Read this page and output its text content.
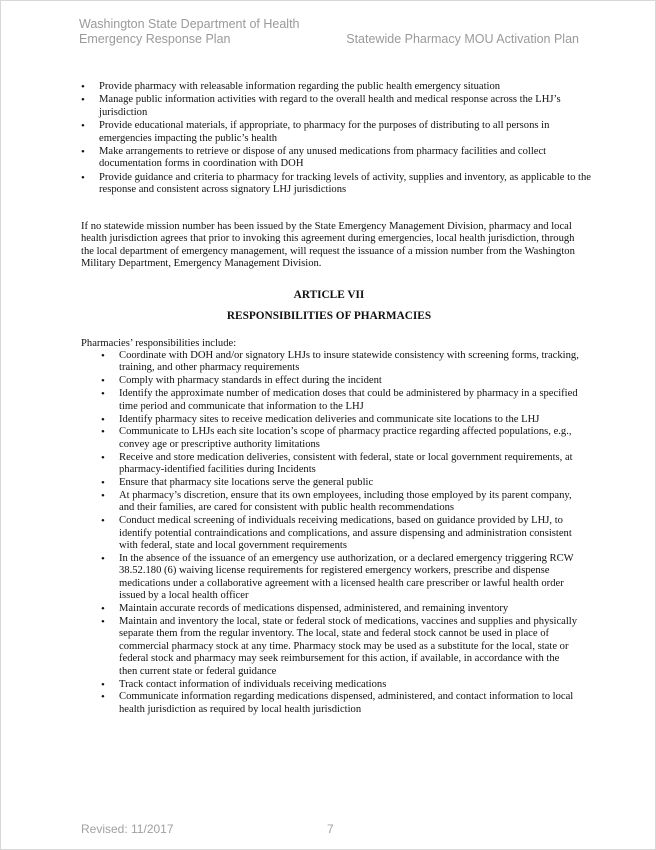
Washington State Department of Health
Emergency Response Plan	Statewide Pharmacy MOU Activation Plan
• Provide pharmacy with releasable information regarding the public health emergency situation
• Manage public information activities with regard to the overall health and medical response across the LHJ’s jurisdiction
• Provide educational materials, if appropriate, to pharmacy for the purposes of distributing to all persons in emergencies impacting the public’s health
• Make arrangements to retrieve or dispose of any unused medications from pharmacy facilities and collect documentation forms in coordination with DOH
• Provide guidance and criteria to pharmacy for tracking levels of activity, supplies and inventory, as applicable to the response and consistent across signatory LHJ jurisdictions

If no statewide mission number has been issued by the State Emergency Management Division, pharmacy and local health jurisdiction agrees that prior to invoking this agreement during emergencies, local health jurisdiction, through the local department of emergency management, will request the issuance of a mission number from the Washington Military Department, Emergency Management Division.

ARTICLE VII
RESPONSIBILITIES OF PHARMACIES

Pharmacies’ responsibilities include:

• Coordinate with DOH and/or signatory LHJs to insure statewide consistency with screening forms, tracking, training, and other pharmacy requirements
• Comply with pharmacy standards in effect during the incident
• Identify the approximate number of medication doses that could be administered by pharmacy in a specified time period and communicate that information to the LHJ
• Identify pharmacy sites to receive medication deliveries and communicate site locations to the LHJ
• Communicate to LHJs each site location’s scope of pharmacy practice regarding affected populations, e.g., convey age or prescriptive authority limitations
• Receive and store medication deliveries, consistent with federal, state or local government requirements, at pharmacy-identified facilities during Incidents
• Ensure that pharmacy site locations serve the general public
• At pharmacy’s discretion, ensure that its own employees, including those employed by its parent company, and their families, are cared for consistent with public health recommendations
• Conduct medical screening of individuals receiving medications, based on guidance provided by LHJ, to identify potential contraindications and complications, and assure dispensing and administration consistent with federal, state and local government requirements
• In the absence of the issuance of an emergency use authorization, or a declared emergency triggering RCW 38.52.180 (6) waiving license requirements for registered emergency workers, prescribe and dispense medications under a collaborative agreement with a licensed health care prescriber or lawful health order issued by a local health officer
• Maintain accurate records of medications dispensed, administered, and remaining inventory
• Maintain and inventory the local, state or federal stock of medications, vaccines and supplies and physically separate them from the regular inventory. The local, state and federal stock cannot be used in place of commercial pharmacy stock at any time. Pharmacy stock may be used as a substitute for the local, state or federal stock and pharmacy may seek reimbursement for this action, if available, in accordance with the then current state or federal guidance
• Track contact information of individuals receiving medications
• Communicate information regarding medications dispensed, administered, and contact information to local health jurisdiction as required by local health jurisdiction
Revised: 11/2017	7
